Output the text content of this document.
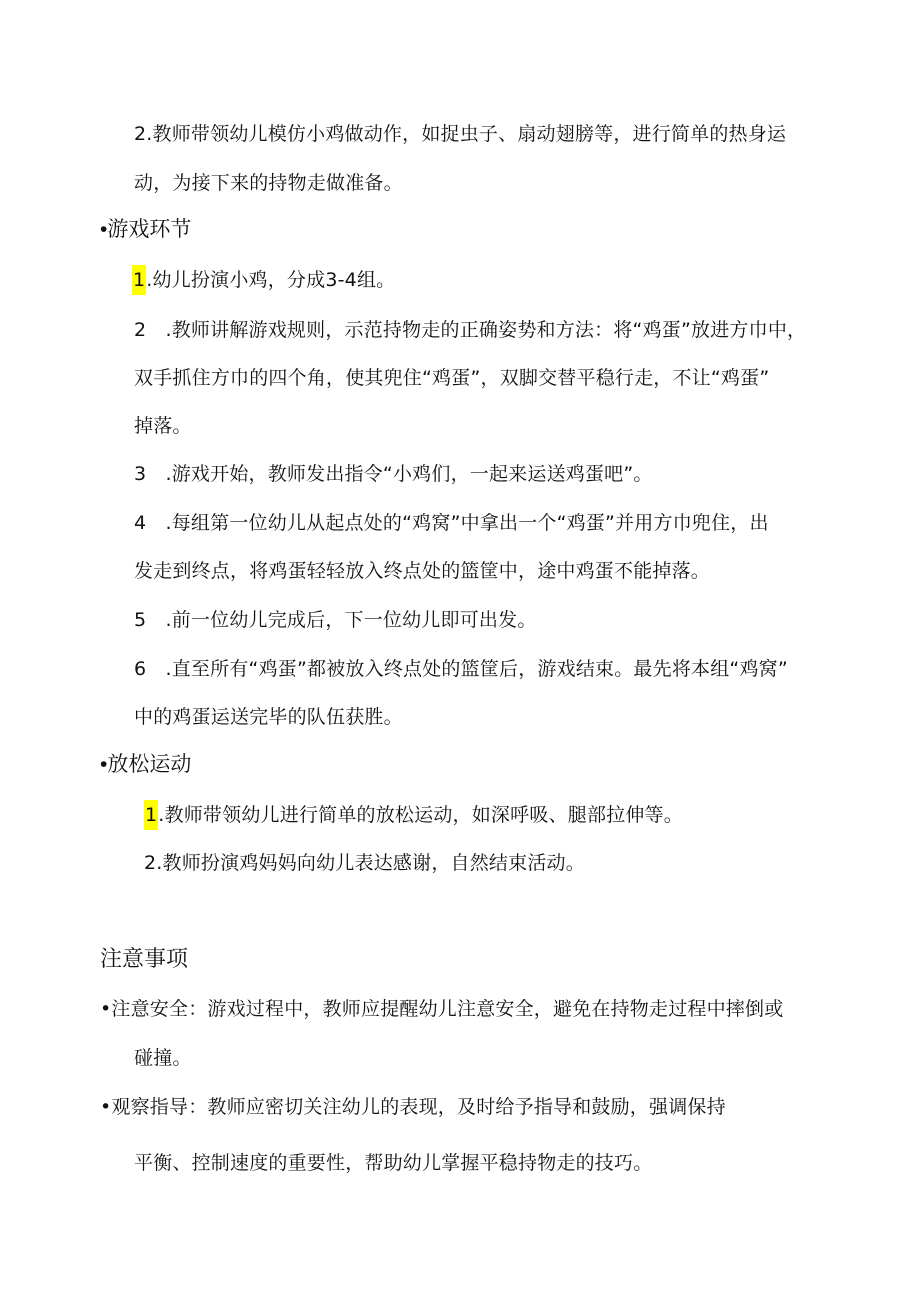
2.教师带领幼儿模仿小鸡做动作，如捉虫子、扇动翅膀等，进行简单的热身运
动，为接下来的持物走做准备。
•游戏环节
1.幼儿扮演小鸡，分成3-4组。
2　.教师讲解游戏规则，示范持物走的正确姿势和方法：将“鸡蛋”放进方巾中，
双手抓住方巾的四个角，使其兜住“鸡蛋”，双脚交替平稳行走，不让“鸡蛋”
掉落。
3　.游戏开始，教师发出指令“小鸡们，一起来运送鸡蛋吧”。
4　.每组第一位幼儿从起点处的“鸡窝”中拿出一个“鸡蛋”并用方巾兜住，出
发走到终点，将鸡蛋轻轻放入终点处的篮筐中，途中鸡蛋不能掉落。
5　.前一位幼儿完成后，下一位幼儿即可出发。
6　.直至所有“鸡蛋”都被放入终点处的篮筐后，游戏结束。最先将本组“鸡窝”
中的鸡蛋运送完毕的队伍获胜。
•放松运动
1.教师带领幼儿进行简单的放松运动，如深呼吸、腿部拉伸等。
2.教师扮演鸡妈妈向幼儿表达感谢，自然结束活动。
注意事项
•注意安全：游戏过程中，教师应提醒幼儿注意安全，避免在持物走过程中摔倒或
碰撞。
•观察指导：教师应密切关注幼儿的表现，及时给予指导和鼓励，强调保持
平衡、控制速度的重要性，帮助幼儿掌握平稳持物走的技巧。
